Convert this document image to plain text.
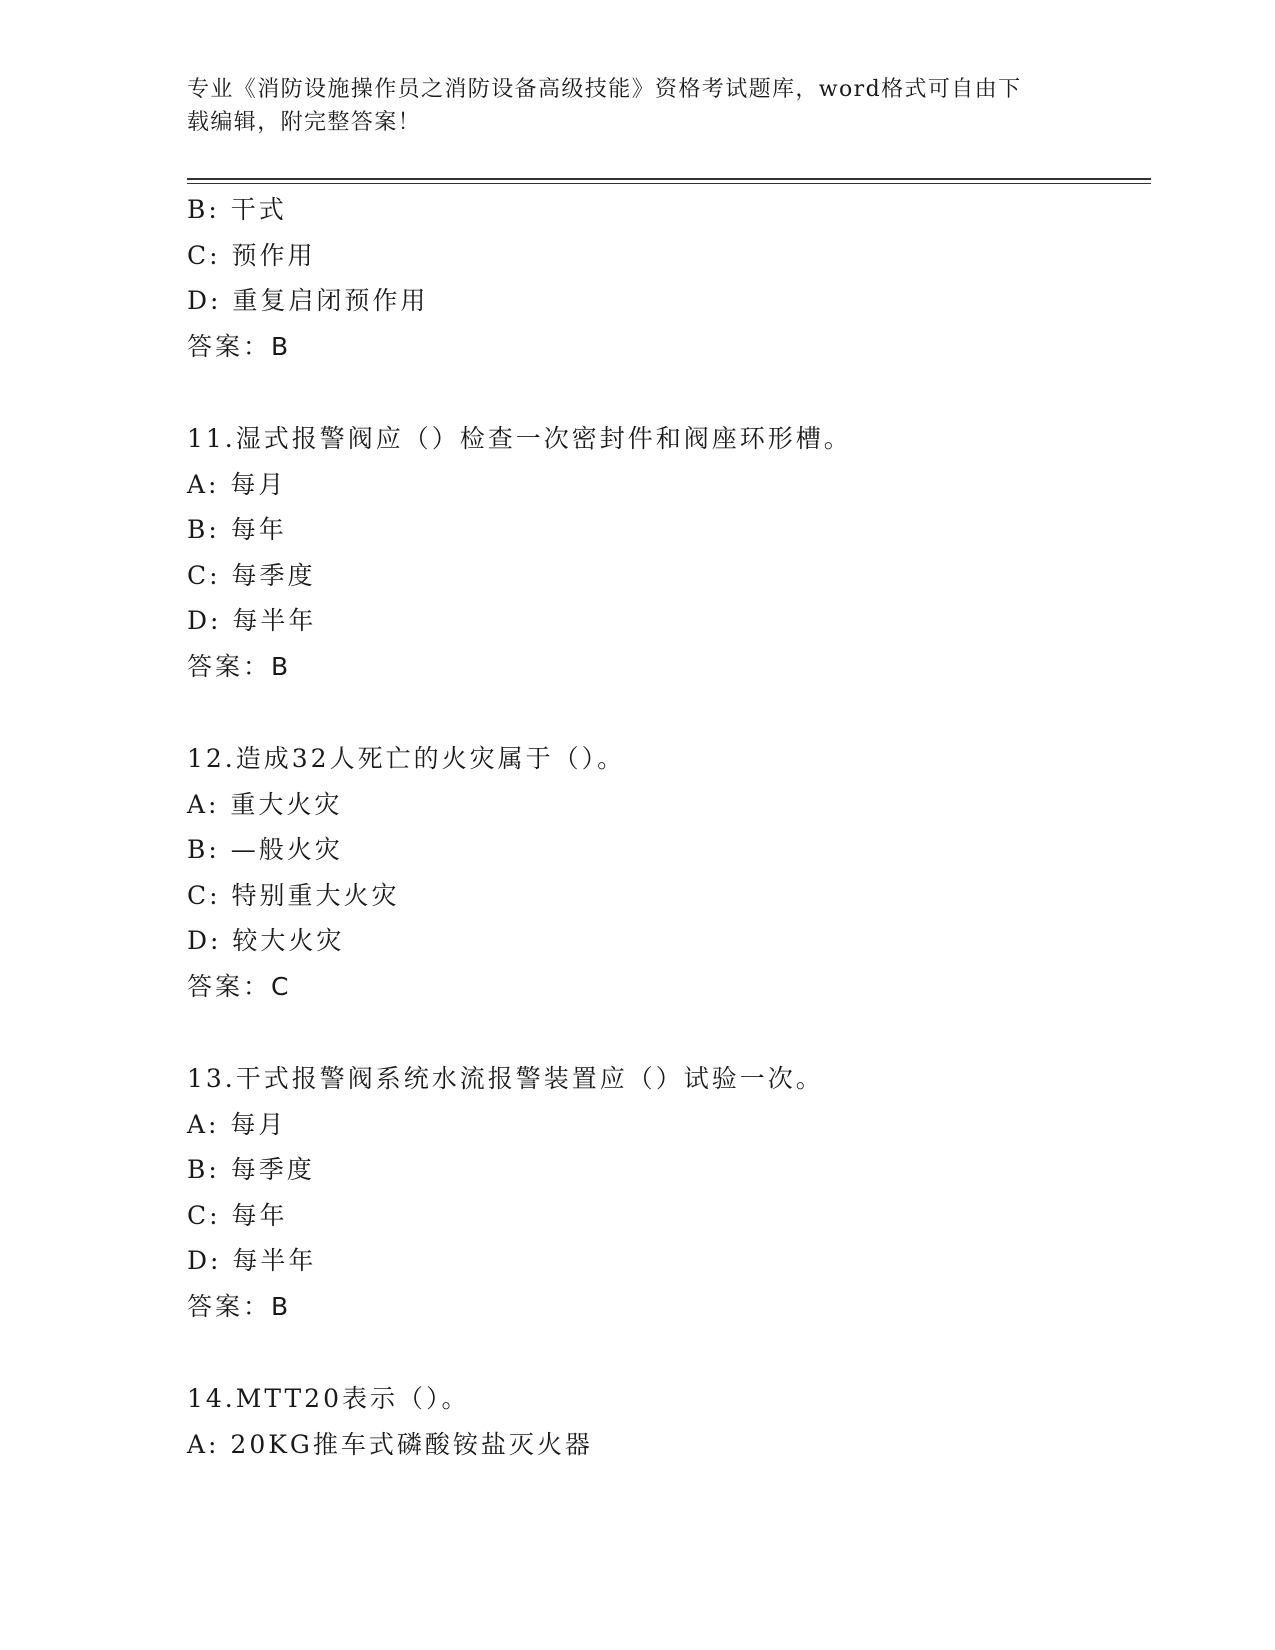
专业《消防设施操作员之消防设备高级技能》资格考试题库，word格式可自由下
载编辑，附完整答案！
B: 干式
C: 预作用
D: 重复启闭预作用
答案：B
11.湿式报警阀应（）检查一次密封件和阀座环形槽。
A: 每月
B: 每年
C: 每季度
D: 每半年
答案：B
12.造成32人死亡的火灾属于（）。
A: 重大火灾
B: —般火灾
C: 特别重大火灾
D: 较大火灾
答案：C
13.干式报警阀系统水流报警装置应（）试验一次。
A: 每月
B: 每季度
C: 每年
D: 每半年
答案：B
14.MTT20表示（）。
A: 20KG推车式磷酸铵盐灭火器
